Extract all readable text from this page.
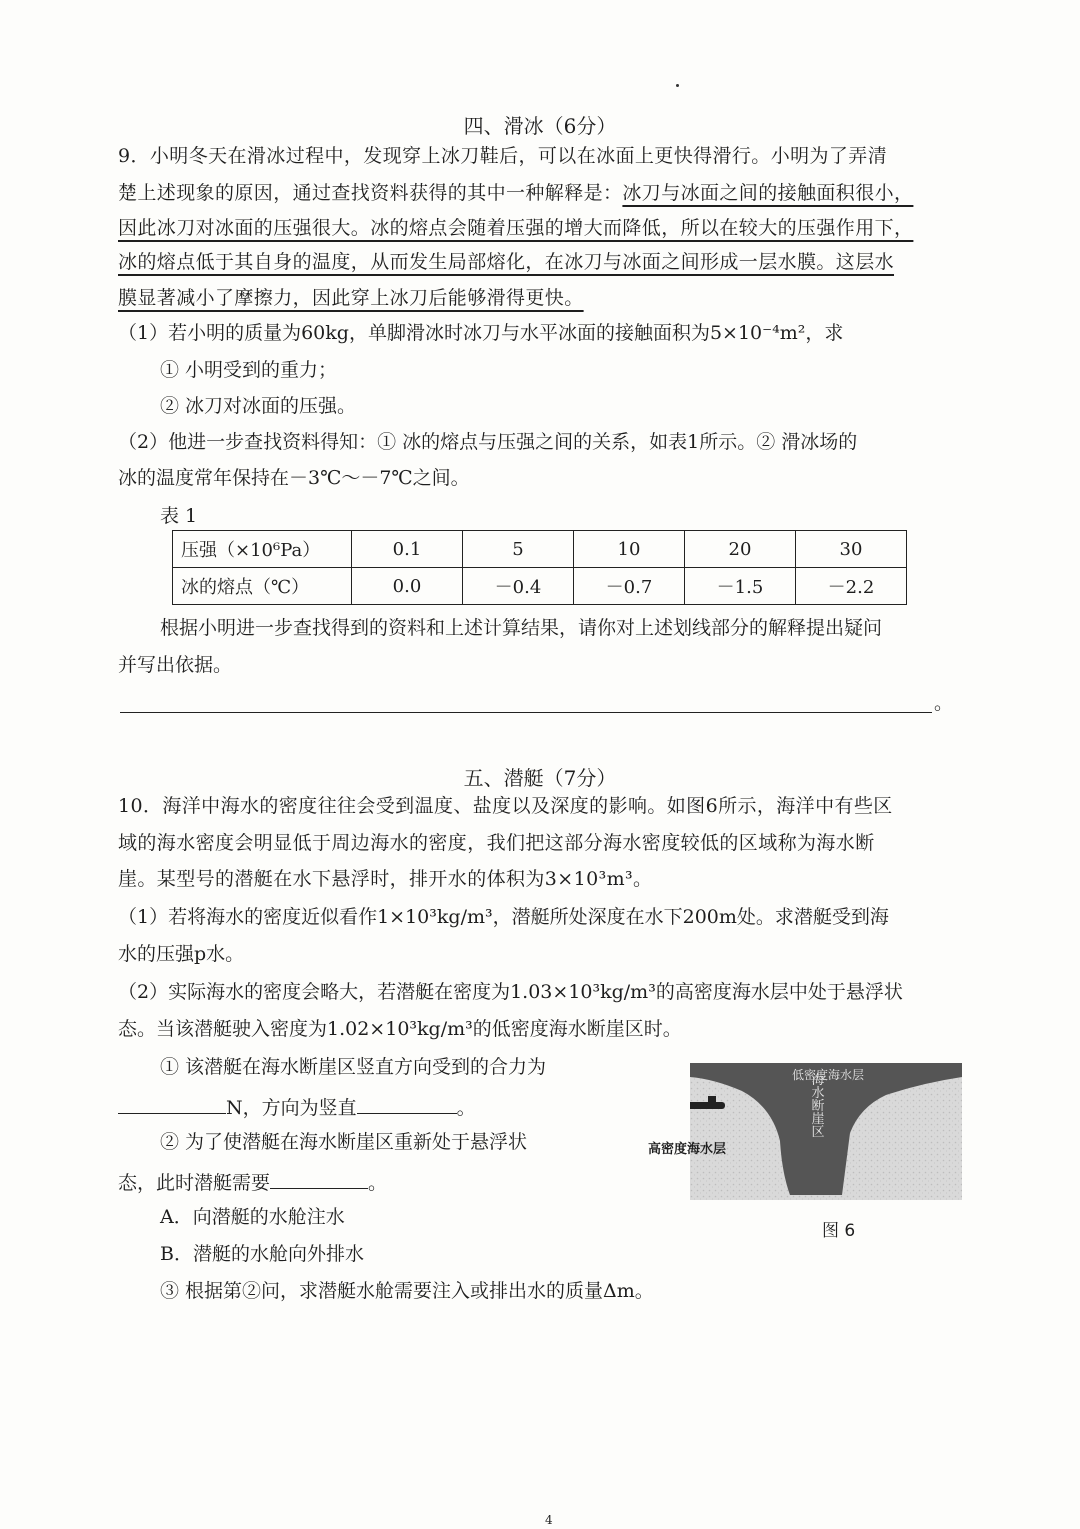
四、滑冰（6分）
9．小明冬天在滑冰过程中，发现穿上冰刀鞋后，可以在冰面上更快得滑行。小明为了弄清
楚上述现象的原因，通过查找资料获得的其中一种解释是：冰刀与冰面之间的接触面积很小，
因此冰刀对冰面的压强很大。冰的熔点会随着压强的增大而降低，所以在较大的压强作用下，
冰的熔点低于其自身的温度，从而发生局部熔化，在冰刀与冰面之间形成一层水膜。这层水
膜显著减小了摩擦力，因此穿上冰刀后能够滑得更快。
（1）若小明的质量为60kg，单脚滑冰时冰刀与水平冰面的接触面积为5×10⁻⁴m²，求
① 小明受到的重力；
② 冰刀对冰面的压强。
（2）他进一步查找资料得知：① 冰的熔点与压强之间的关系，如表1所示。② 滑冰场的
冰的温度常年保持在－3℃～－7℃之间。
表 1
压强（×10⁶Pa）	0.1	5	10	20	30
冰的熔点（℃）	0.0	－0.4	－0.7	－1.5	－2.2
根据小明进一步查找得到的资料和上述计算结果，请你对上述划线部分的解释提出疑问
并写出依据。
。
五、潜艇（7分）
10．海洋中海水的密度往往会受到温度、盐度以及深度的影响。如图6所示，海洋中有些区
域的海水密度会明显低于周边海水的密度，我们把这部分海水密度较低的区域称为海水断
崖。某型号的潜艇在水下悬浮时，排开水的体积为3×10³m³。
（1）若将海水的密度近似看作1×10³kg/m³，潜艇所处深度在水下200m处。求潜艇受到海
水的压强p水。
（2）实际海水的密度会略大，若潜艇在密度为1.03×10³kg/m³的高密度海水层中处于悬浮状
态。当该潜艇驶入密度为1.02×10³kg/m³的低密度海水断崖区时。
① 该潜艇在海水断崖区竖直方向受到的合力为
N，方向为竖直	。
② 为了使潜艇在海水断崖区重新处于悬浮状
态，此时潜艇需要	。
A．向潜艇的水舱注水
B．潜艇的水舱向外排水
③ 根据第②问，求潜艇水舱需要注入或排出水的质量Δm。
低密度海水层
海水断崖区
高密度海水层
图 6
4
